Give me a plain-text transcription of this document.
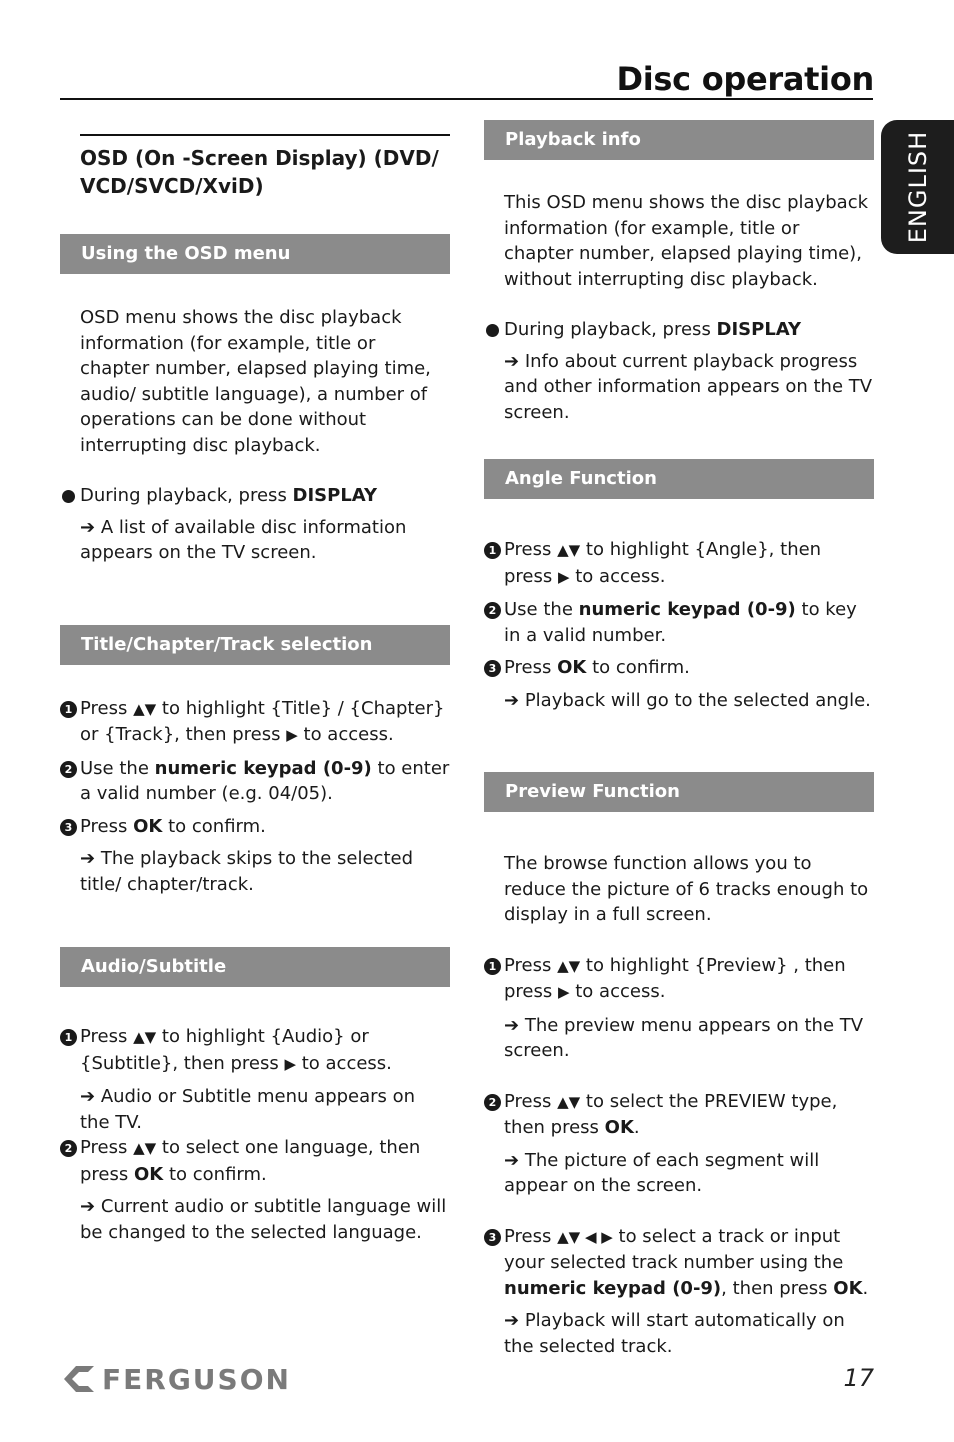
Disc operation
ENGLISH
OSD (On -Screen Display) (DVD/ VCD/SVCD/XviD)
Using the OSD menu

OSD menu shows the disc playback information (for example, title or chapter number, elapsed playing time, audio/ subtitle language), a number of operations can be done without interrupting disc playback.

During playback, press DISPLAY
➔ A list of available disc information appears on the TV screen.
Title/Chapter/Track selection
1 Press ▲▼ to highlight {Title} / {Chapter} or {Track}, then press ▶ to access.
2 Use the numeric keypad (0-9) to enter a valid number (e.g. 04/05).
3 Press OK to confirm.
➔ The playback skips to the selected title/ chapter/track.
Audio/Subtitle
1 Press ▲▼ to highlight {Audio} or {Subtitle}, then press ▶ to access.
➔ Audio or Subtitle menu appears on the TV.
2 Press ▲▼ to select one language, then press OK to confirm.
➔ Current audio or subtitle language will be changed to the selected language.
Playback info

This OSD menu shows the disc playback information (for example, title or chapter number, elapsed playing time), without interrupting disc playback.

During playback, press DISPLAY
➔ Info about current playback progress and other information appears on the TV screen.
Angle Function
1 Press ▲▼ to highlight {Angle}, then press ▶ to access.
2 Use the numeric keypad (0-9) to key in a valid number.
3 Press OK to confirm.
➔ Playback will go to the selected angle.
Preview Function

The browse function allows you to reduce the picture of 6 tracks enough to display in a full screen.

1 Press ▲▼ to highlight {Preview} , then press ▶ to access.
➔ The preview menu appears on the TV screen.
2 Press ▲▼ to select the PREVIEW type, then press OK.
➔ The picture of each segment will appear on the screen.
3 Press ▲▼ ◀ ▶ to select a track or input your selected track number using the numeric keypad (0-9), then press OK.
➔ Playback will start automatically on the selected track.
FERGUSON	17
